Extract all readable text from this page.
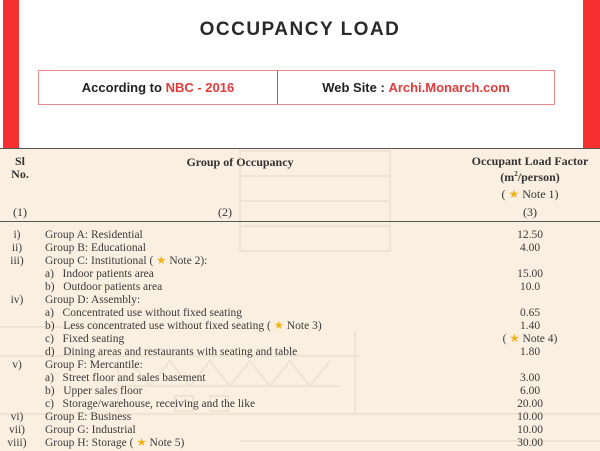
OCCUPANCY LOAD
According to
NBC - 2016	Web Site :
Archi.Monarch.com
Sl
No.
Group of Occupancy	Occupant Load Factor
$(m^2/person)$
( ★ Note 1)
(1)	(2)	(3)
i)	Group A: Residential	12.50
ii)	Group B: Educational	4.00
iii)	Group C: Institutional ( ★ Note 2):
a)   Indoor patients area	15.00
b)   Outdoor patients area	10.0
iv)	Group D: Assembly:
a)   Concentrated use without fixed seating	0.65
b)   Less concentrated use without fixed seating ( ★ Note 3)	1.40
c)   Fixed seating	( ★ Note 4)
d)   Dining areas and restaurants with seating and table	1.80
v)	Group F: Mercantile:
a)   Street floor and sales basement	3.00
b)   Upper sales floor	6.00
c)   Storage/warehouse, receiving and the like	20.00
vi)	Group E: Business	10.00
vii)	Group G: Industrial	10.00
viii)	Group H: Storage ( ★ Note 5)	30.00
